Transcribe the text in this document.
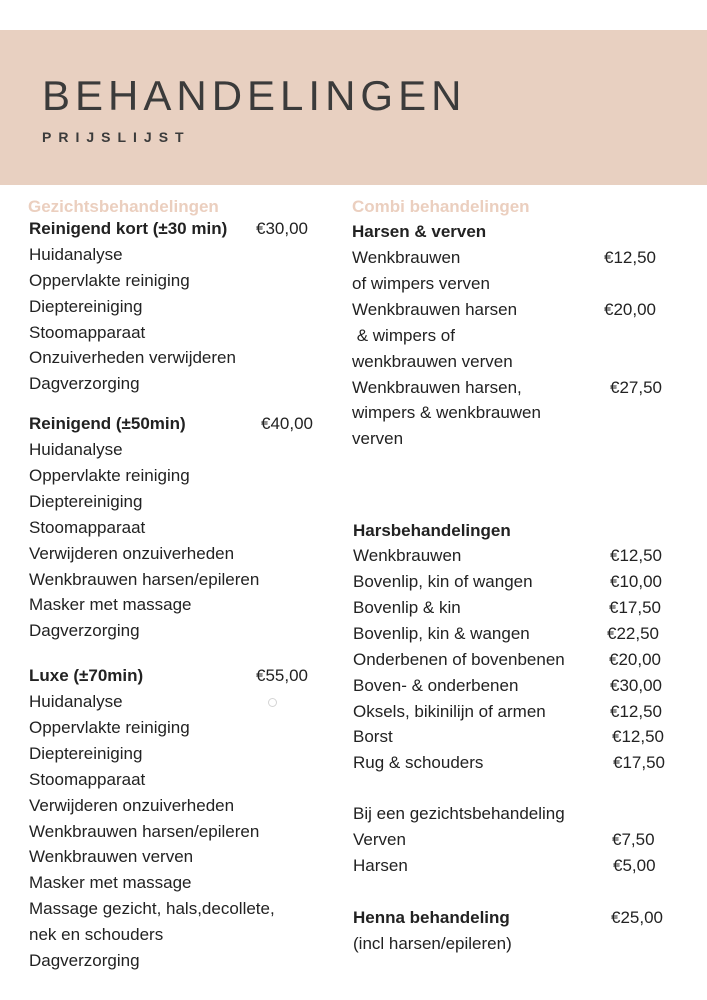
BEHANDELINGEN
PRIJSLIJST
Gezichtsbehandelingen
Reinigend kort (±30 min) €30,00
Huidanalyse
Oppervlakte reiniging
Dieptereiniging
Stoomapparaat
Onzuiverheden verwijderen
Dagverzorging
Reinigend (±50min)	€40,00
Huidanalyse
Oppervlakte reiniging
Dieptereiniging
Stoomapparaat
Verwijderen onzuiverheden
Wenkbrauwen harsen/epileren
Masker met massage
Dagverzorging
Luxe (±70min)	€55,00
Huidanalyse
Oppervlakte reiniging
Dieptereiniging
Stoomapparaat
Verwijderen onzuiverheden
Wenkbrauwen harsen/epileren
Wenkbrauwen verven
Masker met massage
Massage gezicht, hals,decollete,
nek en schouders
Dagverzorging
Combi behandelingen
Harsen & verven
Wenkbrauwen	€12,50
of wimpers verven
Wenkbrauwen harsen	€20,00
& wimpers of
wenkbrauwen verven
Wenkbrauwen harsen,	€27,50
wimpers & wenkbrauwen
verven
Harsbehandelingen
Wenkbrauwen	€12,50
Bovenlip, kin of wangen	€10,00
Bovenlip & kin	€17,50
Bovenlip, kin & wangen	€22,50
Onderbenen of bovenbenen	€20,00
Boven- & onderbenen	€30,00
Oksels, bikinilijn of armen	€12,50
Borst	€12,50
Rug & schouders	€17,50
Bij een gezichtsbehandeling
Verven	€7,50
Harsen	€5,00
Henna behandeling	€25,00
(incl harsen/epileren)
